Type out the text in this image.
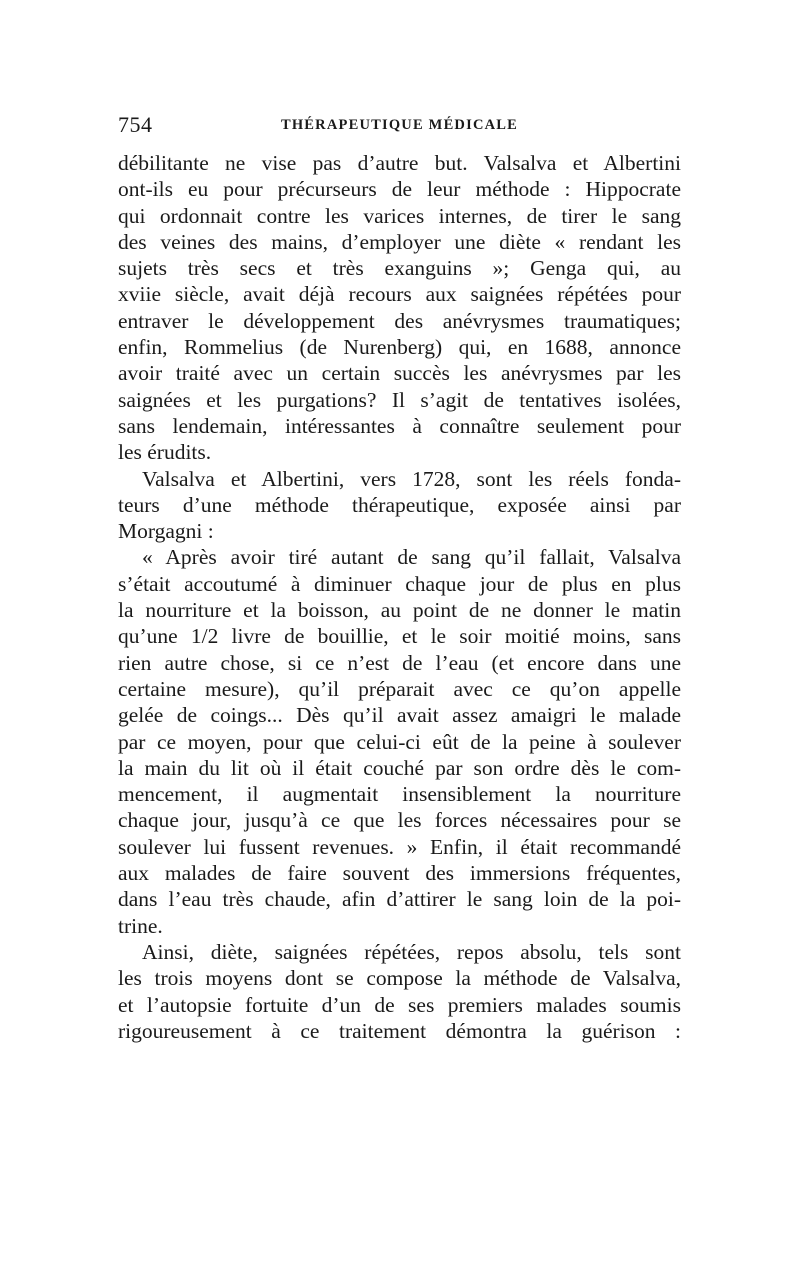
754	THÉRAPEUTIQUE MÉDICALE
débilitante ne vise pas d’autre but. Valsalva et Albertini
ont-ils eu pour précurseurs de leur méthode : Hippocrate
qui ordonnait contre les varices internes, de tirer le sang
des veines des mains, d’employer une diète « rendant les
sujets très secs et très exanguins »; Genga qui, au
xviie siècle, avait déjà recours aux saignées répétées pour
entraver le développement des anévrysmes traumatiques;
enfin, Rommelius (de Nurenberg) qui, en 1688, annonce
avoir traité avec un certain succès les anévrysmes par les
saignées et les purgations? Il s’agit de tentatives isolées,
sans lendemain, intéressantes à connaître seulement pour
les érudits.
Valsalva et Albertini, vers 1728, sont les réels fonda-
teurs d’une méthode thérapeutique, exposée ainsi par
Morgagni :
« Après avoir tiré autant de sang qu’il fallait, Valsalva
s’était accoutumé à diminuer chaque jour de plus en plus
la nourriture et la boisson, au point de ne donner le matin
qu’une 1/2 livre de bouillie, et le soir moitié moins, sans
rien autre chose, si ce n’est de l’eau (et encore dans une
certaine mesure), qu’il préparait avec ce qu’on appelle
gelée de coings... Dès qu’il avait assez amaigri le malade
par ce moyen, pour que celui-ci eût de la peine à soulever
la main du lit où il était couché par son ordre dès le com-
mencement, il augmentait insensiblement la nourriture
chaque jour, jusqu’à ce que les forces nécessaires pour se
soulever lui fussent revenues. » Enfin, il était recommandé
aux malades de faire souvent des immersions fréquentes,
dans l’eau très chaude, afin d’attirer le sang loin de la poi-
trine.
Ainsi, diète, saignées répétées, repos absolu, tels sont
les trois moyens dont se compose la méthode de Valsalva,
et l’autopsie fortuite d’un de ses premiers malades soumis
rigoureusement à ce traitement démontra la guérison :
